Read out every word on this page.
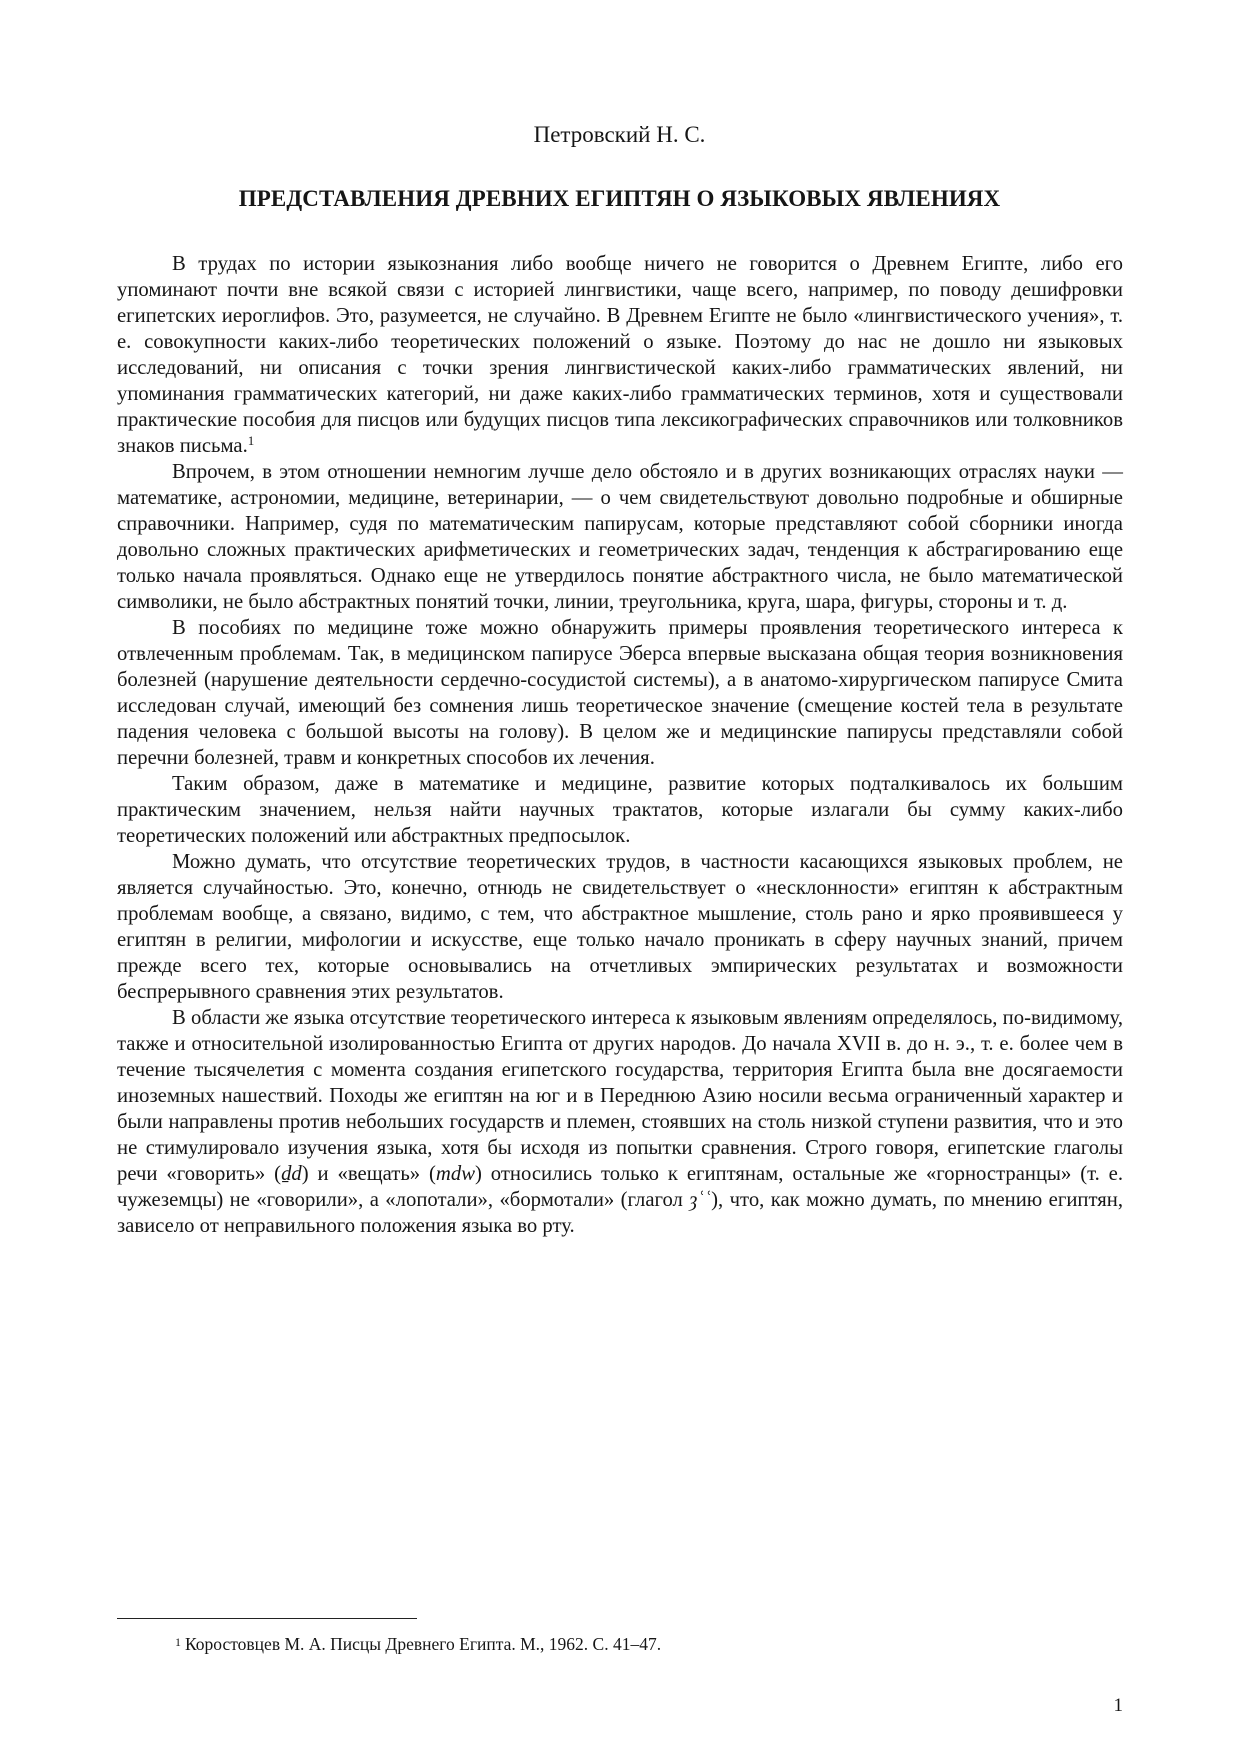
Петровский Н. С.
ПРЕДСТАВЛЕНИЯ ДРЕВНИХ ЕГИПТЯН О ЯЗЫКОВЫХ ЯВЛЕНИЯХ

В трудах по истории языкознания либо вообще ничего не говорится о Древнем Египте, либо его упоминают почти вне всякой связи с историей лингвистики, чаще всего, например, по поводу дешифровки египетских иероглифов. Это, разумеется, не случайно. В Древнем Египте не было «лингвистического учения», т. е. совокупности каких-либо теоретических положений о языке. Поэтому до нас не дошло ни языковых исследований, ни описания с точки зрения лингвистической каких-либо грамматических явлений, ни упоминания грамматических категорий, ни даже каких-либо грамматических терминов, хотя и существовали практические пособия для писцов или будущих писцов типа лексикографических справочников или толковников знаков письма.$^1$

Впрочем, в этом отношении немногим лучше дело обстояло и в других возникающих отраслях науки — математике, астрономии, медицине, ветеринарии, — о чем свидетельствуют довольно подробные и обширные справочники. Например, судя по математическим папирусам, которые представляют собой сборники иногда довольно сложных практических арифметических и геометрических задач, тенденция к абстрагированию еще только начала проявляться. Однако еще не утвердилось понятие абстрактного числа, не было математической символики, не было абстрактных понятий точки, линии, треугольника, круга, шара, фигуры, стороны и т. д.

В пособиях по медицине тоже можно обнаружить примеры проявления теоретического интереса к отвлеченным проблемам. Так, в медицинском папирусе Эберса впервые высказана общая теория возникновения болезней (нарушение деятельности сердечно-сосудистой системы), а в анатомо-хирургическом папирусе Смита исследован случай, имеющий без сомнения лишь теоретическое значение (смещение костей тела в результате падения человека с большой высоты на голову). В целом же и медицинские папирусы представляли собой перечни болезней, травм и конкретных способов их лечения.

Таким образом, даже в математике и медицине, развитие которых подталкивалось их большим практическим значением, нельзя найти научных трактатов, которые излагали бы сумму каких-либо теоретических положений или абстрактных предпосылок.

Можно думать, что отсутствие теоретических трудов, в частности касающихся языковых проблем, не является случайностью. Это, конечно, отнюдь не свидетельствует о «несклонности» египтян к абстрактным проблемам вообще, а связано, видимо, с тем, что абстрактное мышление, столь рано и ярко проявившееся у египтян в религии, мифологии и искусстве, еще только начало проникать в сферу научных знаний, причем прежде всего тех, которые основывались на отчетливых эмпирических результатах и возможности беспрерывного сравнения этих результатов.

В области же языка отсутствие теоретического интереса к языковым явлениям определялось, по-видимому, также и относительной изолированностью Египта от других народов. До начала XVII в. до н. э., т. е. более чем в течение тысячелетия с момента создания египетского государства, территория Египта была вне досягаемости иноземных нашествий. Походы же египтян на юг и в Переднюю Азию носили весьма ограниченный характер и были направлены против небольших государств и племен, стоявших на столь низкой ступени развития, что и это не стимулировало изучения языка, хотя бы исходя из попытки сравнения. Строго говоря, египетские глаголы речи «говорить» (ḏd) и «вещать» (mdw) относились только к египтянам, остальные же «горностранцы» (т. е. чужеземцы) не «говорили», а «лопотали», «бормотали» (глагол ȝʿʿ), что, как можно думать, по мнению египтян, зависело от неправильного положения языка во рту.

$^1$ Коростовцев М. А. Писцы Древнего Египта. М., 1962. С. 41–47.
1
